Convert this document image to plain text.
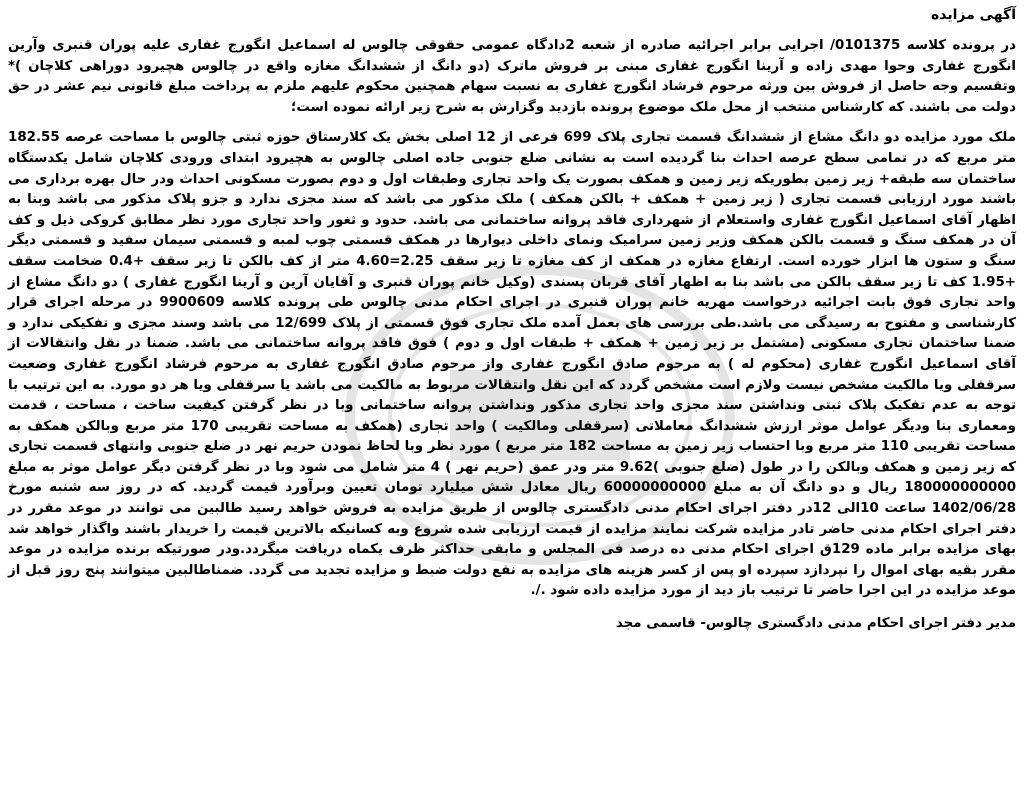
آگهی مزایده

در پرونده کلاسه 0101375/ اجرایی برابر اجرائیه صادره از شعبه 2دادگاه عمومی حقوقی چالوس له اسماعیل انگورج غفاری علیه پوران قنبری وآرین انگورج غفاری وحوا مهدی زاده و آرینا انگورج غفاری مبنی بر فروش ماترک (دو دانگ از ششدانگ مغازه واقع در چالوس هچیرود دوراهی کلاچان )* وتقسیم وجه حاصل از فروش بین ورثه مرحوم فرشاد انگورج غفاری به نسبت سهام همچنین محکوم علیهم ملزم به پرداخت مبلغ قانونی نیم عشر در حق دولت می باشند. که کارشناس منتخب از محل ملک موضوع پرونده بازدید وگزارش به شرح زیر ارائه نموده است؛

ملک مورد مزایده دو دانگ مشاع از ششدانگ قسمت تجاری پلاک 699 فرعی از 12 اصلی بخش یک کلارستاق حوزه ثبتی چالوس با مساحت عرصه 182.55 متر مربع که در تمامی سطح عرصه احداث بنا گردیده است به نشانی ضلع جنوبی جاده اصلی چالوس به هچیرود ابتدای ورودی کلاچان شامل یکدستگاه ساختمان سه طبقه+ زیر زمین بطوریکه زیر زمین و همکف بصورت یک واحد تجاری وطبقات اول و دوم بصورت مسکونی احداث ودر حال بهره برداری می باشند مورد ارزیابی قسمت تجاری ( زیر زمین + همکف + بالکن همکف ) ملک مذکور می باشد که سند مجزی ندارد و جزو پلاک مذکور می باشد وبنا به اظهار آقای اسماعیل انگورج غفاری واستعلام از شهرداری فاقد پروانه ساختمانی می باشد. حدود و ثغور واحد تجاری مورد نظر مطابق کروکی ذیل و کف آن در همکف سنگ و قسمت بالکن همکف وزیر زمین سرامیک ونمای داخلی دیوارها در همکف قسمتی چوب لمبه و قسمتی سیمان سفید و قسمتی دیگر سنگ و ستون ها ابزار خورده است. ارتفاع مغازه در همکف از کف مغازه تا زیر سقف 2.25=4.60 متر از کف بالکن تا زیر سقف +0.4 ضخامت سقف +1.95 کف تا زیر سقف بالکن می باشد بنا به اظهار آقای قربان پسندی (وکیل خانم پوران قنبری و آقایان آرین و آرینا انگورج غفاری ) دو دانگ مشاع از واحد تجاری فوق بابت اجرائیه درخواست مهریه خانم پوران قنبری در اجرای احکام مدنی چالوس طی پرونده کلاسه 9900609 در مرحله اجرای قرار کارشناسی و مفتوح به رسیدگی می باشد.طی بررسی های بعمل آمده ملک تجاری فوق قسمتی از پلاک 12/699 می باشد وسند مجزی و تفکیکی ندارد و ضمنا ساختمان تجاری مسکونی (مشتمل بر زیر زمین + همکف + طبقات اول و دوم ) فوق فاقد پروانه ساختمانی می باشد. ضمنا در نقل وانتقالات از آقای اسماعیل انگورج غفاری (محکوم له ) به مرحوم صادق انگورج غفاری واز مرحوم صادق انگورج غفاری به مرحوم فرشاد انگورج غفاری وضعیت سرقفلی ویا مالکیت مشخص نیست ولازم است مشخص گردد که این نقل وانتقالات مربوط به مالکیت می باشد یا سرقفلی ویا هر دو مورد. به این ترتیب با توجه به عدم تفکیک پلاک ثبتی ونداشتن سند مجزی واحد تجاری مذکور ونداشتن پروانه ساختمانی وبا در نظر گرفتن کیفیت ساخت ، مساحت ، قدمت ومعماری بنا ودیگر عوامل موثر ارزش ششدانگ معاملاتی (سرقفلی ومالکیت ) واحد تجاری (همکف به مساحت تقریبی 170 متر مربع وبالکن همکف به مساحت تقریبی 110 متر مربع وبا احتساب زیر زمین به مساحت 182 متر مربع ) مورد نظر وبا لحاظ نمودن حریم نهر در ضلع جنوبی وانتهای قسمت تجاری که زیر زمین و همکف وبالکن را در طول (ضلع جنوبی )9.62 متر ودر عمق (حریم نهر ) 4 متر شامل می شود وبا در نظر گرفتن دیگر عوامل موثر به مبلغ 180000000000 ریال و دو دانگ آن به مبلغ 60000000000 ریال معادل شش میلیارد تومان تعیین وبرآورد قیمت گردید. که در روز سه شنبه مورخ 1402/06/28 ساعت 10الی 12در دفتر اجرای احکام مدنی دادگستری چالوس از طریق مزایده به فروش خواهد رسید طالبین می توانند در موعد مقرر در دفتر اجرای احکام مدنی حاضر تادر مزایده شرکت نمایند مزایده از قیمت ارزیابی شده شروع وبه کسانیکه بالاترین قیمت را خریدار باشند واگذار خواهد شد بهای مزایده برابر ماده 129ق اجرای احکام مدنی ده درصد فی المجلس و مابقی حداکثر ظرف یکماه دریافت میگردد.ودر صورتیکه برنده مزایده در موعد مقرر بقیه بهای اموال را نپردازد سپرده او پس از کسر هزینه های مزایده به نفع دولت ضبط و مزایده تجدید می گردد. ضمناطالبین میتوانند پنج روز قبل از موعد مزایده در این اجرا حاضر تا ترتیب باز دید از مورد مزایده داده شود ./.

مدیر دفتر اجرای احکام مدنی دادگستری چالوس- قاسمی مجد
